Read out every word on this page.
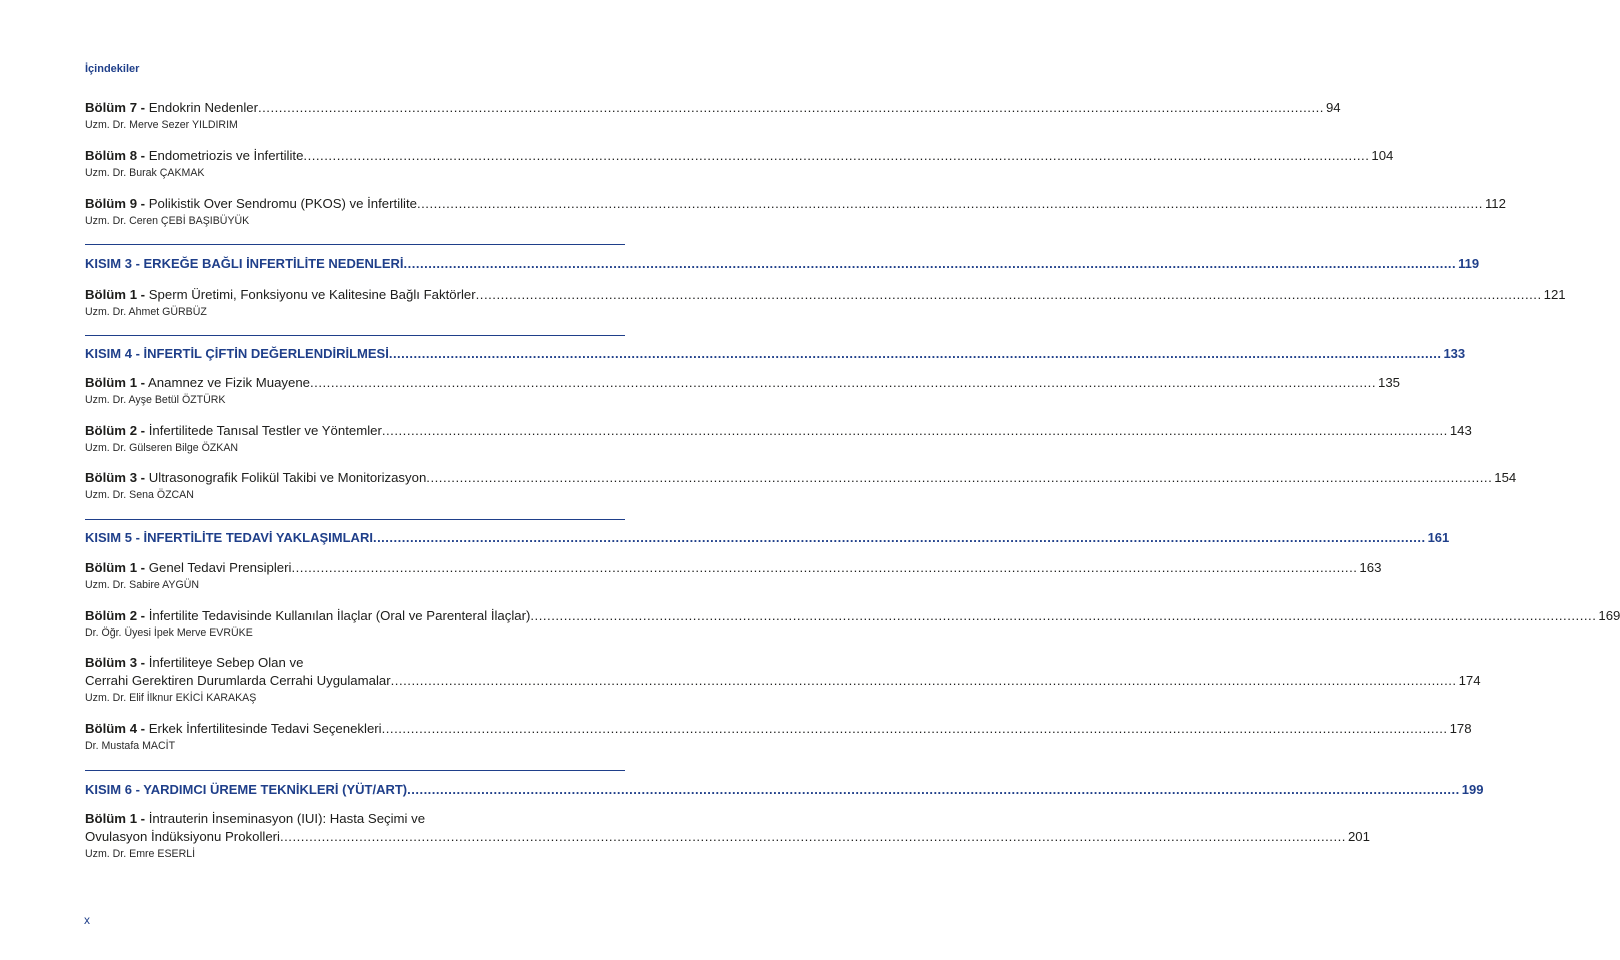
İçindekiler
Bölüm 7 - Endokrin Nedenler .....	94
Uzm. Dr. Merve Sezer YILDIRIM
Bölüm 8 - Endometriozis ve İnfertilite .....	104
Uzm. Dr. Burak ÇAKMAK
Bölüm 9 - Polikistik Over Sendromu (PKOS) ve İnfertilite .....	112
Uzm. Dr. Ceren ÇEBİ BAŞIBÜYÜK
KISIM 3 - ERKEĞE BAĞLI İNFERTİLİTE NEDENLERİ .....	119
Bölüm 1 - Sperm Üretimi, Fonksiyonu ve Kalitesine Bağlı Faktörler .....	121
Uzm. Dr. Ahmet GÜRBÜZ
KISIM 4 - İNFERTİL ÇİFTİN DEĞERLENDİRİLMESİ .....	133
Bölüm 1 - Anamnez ve Fizik Muayene .....	135
Uzm. Dr. Ayşe Betül ÖZTÜRK
Bölüm 2 - İnfertilitede Tanısal Testler ve Yöntemler .....	143
Uzm. Dr. Gülseren Bilge ÖZKAN
Bölüm 3 - Ultrasonografik Folikül Takibi ve Monitorizasyon .....	154
Uzm. Dr. Sena ÖZCAN
KISIM 5 - İNFERTİLİTE TEDAVİ YAKLAŞIMLARI .....	161
Bölüm 1 - Genel Tedavi Prensipleri .....	163
Uzm. Dr. Sabire AYGÜN
Bölüm 2 - İnfertilite Tedavisinde Kullanılan İlaçlar (Oral ve Parenteral İlaçlar) .....	169
Dr. Öğr. Üyesi İpek Merve EVRÜKE
Bölüm 3 - İnfertiliteye Sebep Olan ve
Cerrahi Gerektiren Durumlarda Cerrahi Uygulamalar .....	174
Uzm. Dr. Elif İlknur EKİCİ KARAKAŞ
Bölüm 4 - Erkek İnfertilitesinde Tedavi Seçenekleri .....	178
Dr. Mustafa MACİT
KISIM 6 - YARDIMCI ÜREME TEKNİKLERİ (YÜT/ART) .....	199
Bölüm 1 - İntrauterin İnseminasyon (IUI): Hasta Seçimi ve
Ovulasyon İndüksiyonu Prokolleri .....	201
Uzm. Dr. Emre ESERLİ
x
